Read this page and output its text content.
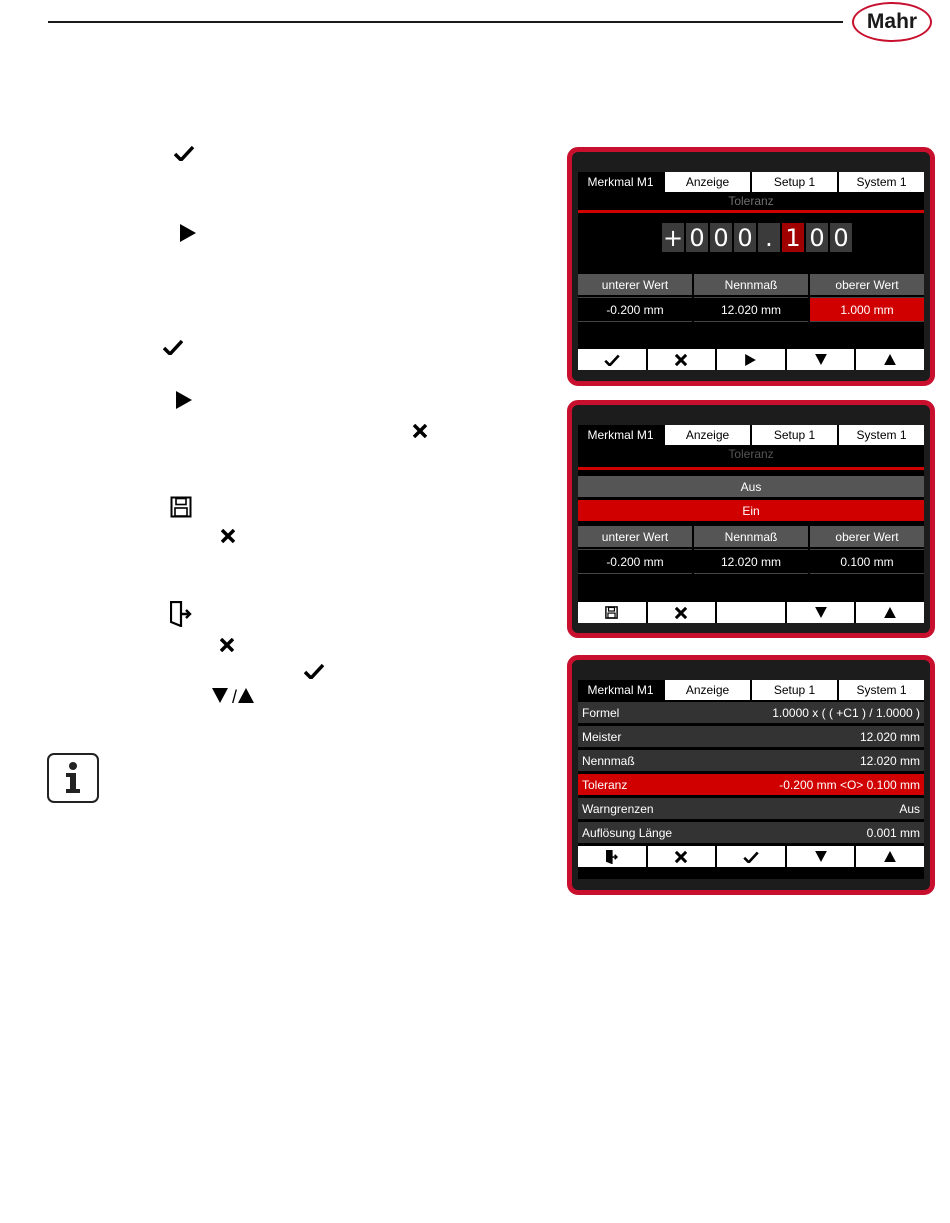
Mahr
/
Merkmal M1	Anzeige	Setup 1	System 1
Toleranz
+ 0 0 0 . 1 0 0
unterer Wert	Nennmaß	oberer Wert
-0.200 mm	12.020 mm	1.000 mm
Merkmal M1	Anzeige	Setup 1	System 1
Toleranz
Aus
Ein
unterer Wert	Nennmaß	oberer Wert
-0.200 mm	12.020 mm	0.100 mm
Merkmal M1	Anzeige	Setup 1	System 1
Formel	1.0000 x ( ( +C1 ) / 1.0000 )
Meister	12.020 mm
Nennmaß	12.020 mm
Toleranz	-0.200 mm <O> 0.100 mm
Warngrenzen	Aus
Auflösung Länge	0.001 mm
